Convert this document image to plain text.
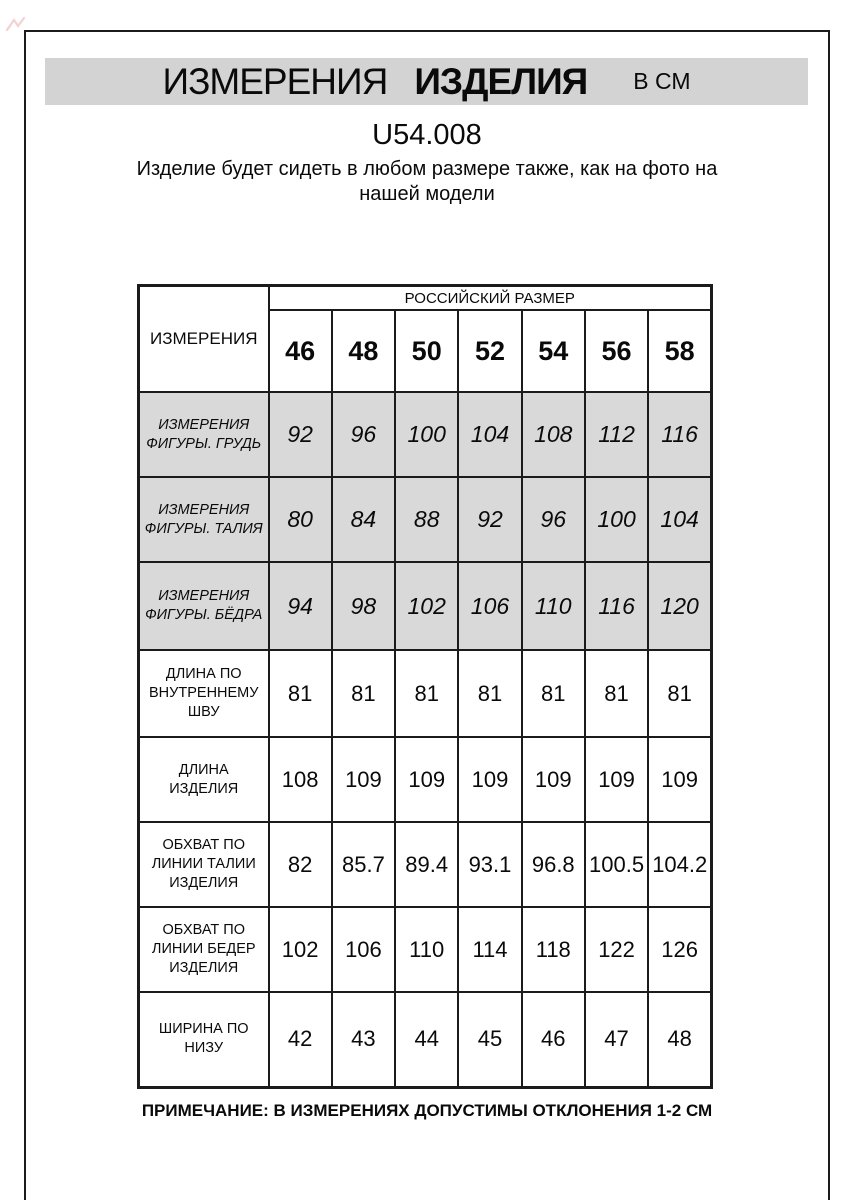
ИЗМЕРЕНИЯ ИЗДЕЛИЯ В СМ
U54.008
Изделие будет сидеть в любом размере также, как на фото на
нашей модели
ИЗМЕРЕНИЯ	РОССИЙСКИЙ РАЗМЕР						
	46	48	50	52	54	56	58
ИЗМЕРЕНИЯ ФИГУРЫ. ГРУДЬ	92	96	100	104	108	112	116
ИЗМЕРЕНИЯ ФИГУРЫ. ТАЛИЯ	80	84	88	92	96	100	104
ИЗМЕРЕНИЯ ФИГУРЫ. БЁДРА	94	98	102	106	110	116	120
ДЛИНА ПО ВНУТРЕННЕМУ ШВУ	81	81	81	81	81	81	81
ДЛИНА ИЗДЕЛИЯ	108	109	109	109	109	109	109
ОБХВАТ ПО ЛИНИИ ТАЛИИ ИЗДЕЛИЯ	82	85.7	89.4	93.1	96.8	100.5	104.2
ОБХВАТ ПО ЛИНИИ БЕДЕР ИЗДЕЛИЯ	102	106	110	114	118	122	126
ШИРИНА ПО НИЗУ	42	43	44	45	46	47	48
ПРИМЕЧАНИЕ: В ИЗМЕРЕНИЯХ ДОПУСТИМЫ ОТКЛОНЕНИЯ 1-2 СМ
